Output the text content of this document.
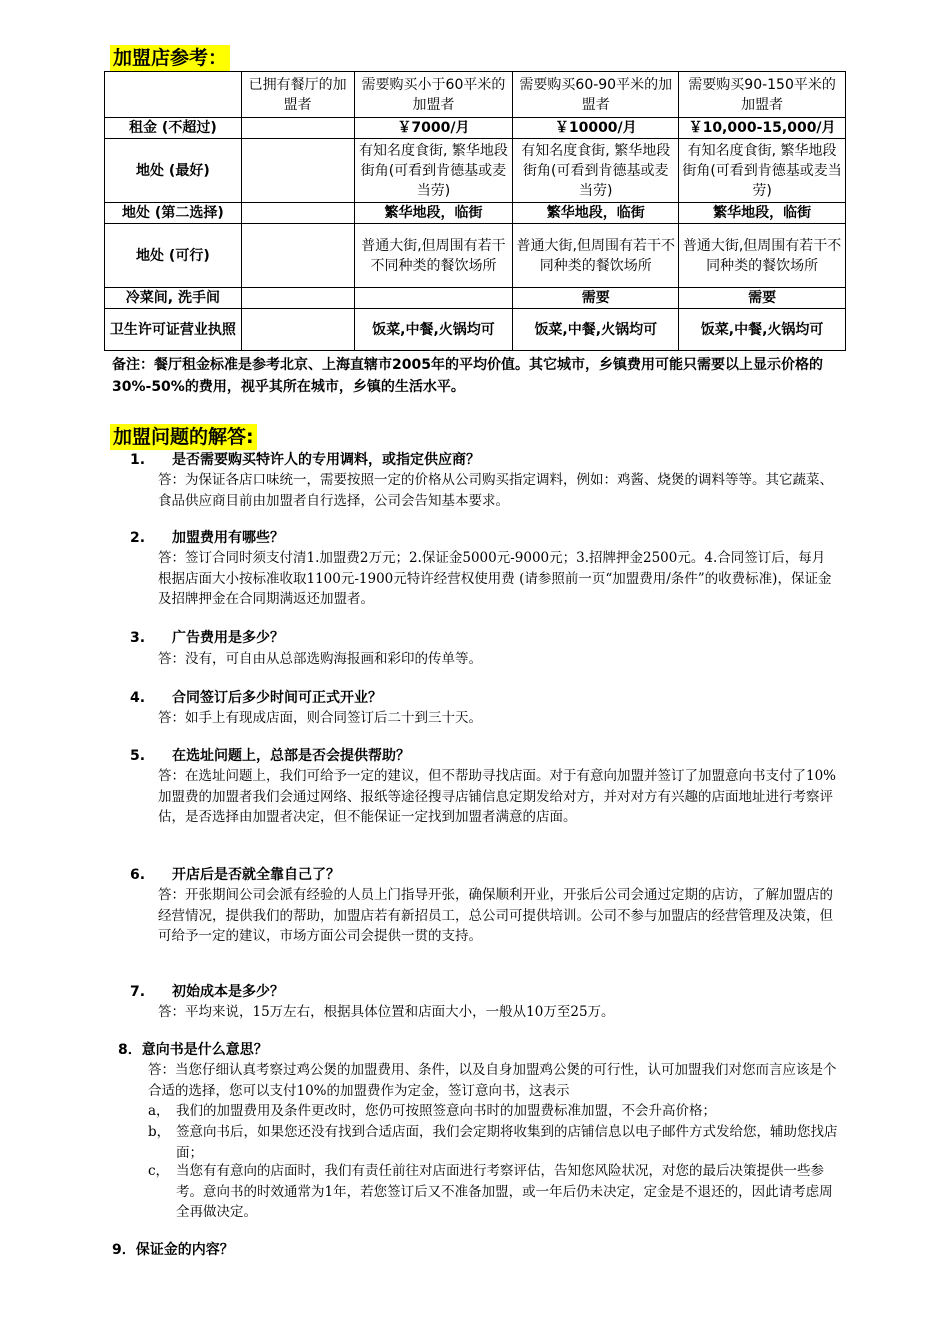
加盟店参考：
	已拥有餐厅的加盟者	需要购买小于60平米的加盟者	需要购买60-90平米的加盟者	需要购买90-150平米的加盟者
租金 (不超过)		￥7000/月	￥10000/月	￥10,000-15,000/月
地处 (最好)		有知名度食街, 繁华地段街角(可看到肯德基或麦当劳)	有知名度食街, 繁华地段街角(可看到肯德基或麦当劳)	有知名度食街, 繁华地段街角(可看到肯德基或麦当劳)
地处 (第二选择)		繁华地段，临街	繁华地段，临街	繁华地段，临街
地处 (可行)		普通大街,但周围有若干不同种类的餐饮场所	普通大街,但周围有若干不同种类的餐饮场所	普通大街,但周围有若干不同种类的餐饮场所
冷菜间, 洗手间			需要	需要
卫生许可证营业执照		饭菜,中餐,火锅均可	饭菜,中餐,火锅均可	饭菜,中餐,火锅均可
备注：餐厅租金标准是参考北京、上海直辖市2005年的平均价值。其它城市，乡镇费用可能只需要以上显示价格的30%-50%的费用，视乎其所在城市，乡镇的生活水平。
加盟问题的解答:
1. 是否需要购买特许人的专用调料，或指定供应商？
答：为保证各店口味统一，需要按照一定的价格从公司购买指定调料，例如：鸡酱、烧煲的调料等等。其它蔬菜、食品供应商目前由加盟者自行选择，公司会告知基本要求。
2. 加盟费用有哪些？
答：签订合同时须支付清1.加盟费2万元；2.保证金5000元-9000元；3.招牌押金2500元。4.合同签订后，每月根据店面大小按标准收取1100元-1900元特许经营权使用费 (请参照前一页“加盟费用/条件”的收费标准)，保证金及招牌押金在合同期满返还加盟者。
3. 广告费用是多少？
答：没有，可自由从总部选购海报画和彩印的传单等。
4. 合同签订后多少时间可正式开业？
答：如手上有现成店面，则合同签订后二十到三十天。
5. 在选址问题上，总部是否会提供帮助？
答：在选址问题上，我们可给予一定的建议，但不帮助寻找店面。对于有意向加盟并签订了加盟意向书支付了10%加盟费的加盟者我们会通过网络、报纸等途径搜寻店铺信息定期发给对方，并对对方有兴趣的店面地址进行考察评估，是否选择由加盟者决定，但不能保证一定找到加盟者满意的店面。
6. 开店后是否就全靠自己了？
答：开张期间公司会派有经验的人员上门指导开张，确保顺利开业，开张后公司会通过定期的店访，了解加盟店的经营情况，提供我们的帮助，加盟店若有新招员工，总公司可提供培训。公司不参与加盟店的经营管理及决策，但可给予一定的建议，市场方面公司会提供一贯的支持。
7. 初始成本是多少？
答：平均来说，15万左右，根据具体位置和店面大小，一般从10万至25万。
8．意向书是什么意思？
答：当您仔细认真考察过鸡公煲的加盟费用、条件，以及自身加盟鸡公煲的可行性，认可加盟我们对您而言应该是个合适的选择，您可以支付10%的加盟费作为定金，签订意向书，这表示
a， 我们的加盟费用及条件更改时，您仍可按照签意向书时的加盟费标准加盟，不会升高价格；
b， 签意向书后，如果您还没有找到合适店面，我们会定期将收集到的店铺信息以电子邮件方式发给您，辅助您找店面；
c， 当您有有意向的店面时，我们有责任前往对店面进行考察评估，告知您风险状况，对您的最后决策提供一些参考。意向书的时效通常为1年，若您签订后又不准备加盟，或一年后仍未决定，定金是不退还的，因此请考虑周全再做决定。
9．保证金的内容？
